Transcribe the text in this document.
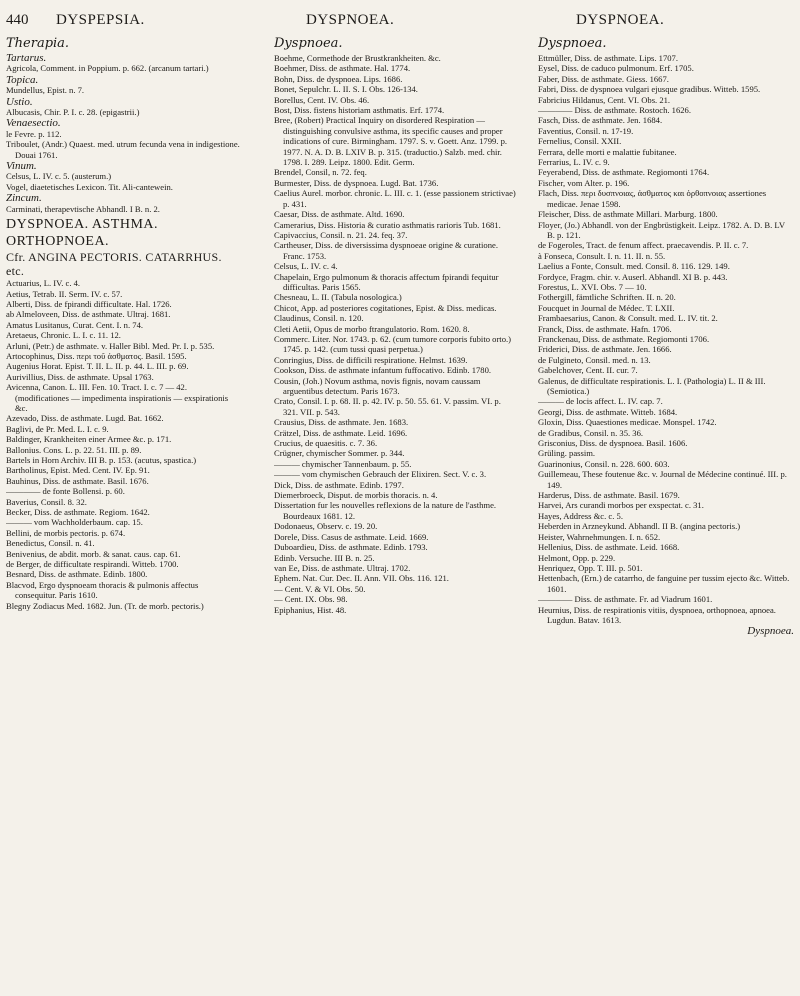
440 DYSPEPSIA.	DYSPNOEA.	DYSPNOEA.
Therapia.
Tartarus.
Agricola, Comment. in Poppium. p. 662. (arcanum tartari.)
Topica.
Mundellus, Epist. n. 7.
Ustio.
Albucasis, Chir. P. I. c. 28. (epigastrii.)
Venaesectio.
le Fevre. p. 112.
Triboulet, (Andr.) Quaest. med. utrum fecunda vena in indigestione. Douai 1761.
Vinum.
Celsus, L. IV. c. 5. (austerum.)
Vogel, diaetetisches Lexicon. Tit. Ali-cantewein.
Zincum.
Carminati, therapevtische Abhandl. I B. n. 2.
DYSPNOEA. ASTHMA. ORTHOPNOEA.
Cfr. ANGINA PECTORIS. CATARRHUS. etc.
Actuarius, L. IV. c. 4.
Aetius, Tetrab. II. Serm. IV. c. 57.
Alberti, Diss. de fpirandi difficultate. Hal. 1726.
ab Almeloveen, Diss. de asthmate. Ultraj. 1681.
Amatus Lusitanus, Curat. Cent. I. n. 74.
Aretaeus, Chronic. L. I. c. 11. 12.
Arluni, (Petr.) de asthmate. v. Haller Bibl. Med. Pr. I. p. 535.
Artocophinus, Diss. περι τοῦ ἀσθματος. Basil. 1595.
Augenius Horat. Epist. T. II. L. II. p. 44. L. III. p. 69.
Aurivillius, Diss. de asthmate. Upsal 1763.
Avicenna, Canon. L. III. Fen. 10. Tract. I. c. 7 — 42. (modificationes — impedimenta inspirationis — exspirationis &c.
Azevado, Diss. de asthmate. Lugd. Bat. 1662.
Baglivi, de Pr. Med. L. I. c. 9.
Baldinger, Krankheiten einer Armee &c. p. 171.
Ballonius. Cons. L. p. 22. 51. III. p. 89.
Bartels in Horn Archiv. III B. p. 153. (acutus, spastica.)
Bartholinus, Epist. Med. Cent. IV. Ep. 91.
Bauhinus, Diss. de asthmate. Basil. 1676.
———— de fonte Bollensi. p. 60.
Baverius, Consil. 8. 32.
Becker, Diss. de asthmate. Regiom. 1642.
——— vom Wachholderbaum. cap. 15.
Bellini, de morbis pectoris. p. 674.
Benedictus, Consil. n. 41.
Benivenius, de abdit. morb. & sanat. caus. cap. 61.
de Berger, de difficultate respirandi. Witteb. 1700.
Besnard, Diss. de asthmate. Edinb. 1800.
Blacvod, Ergo dyspnoeam thoracis & pulmonis affectus consequitur. Paris 1610.
Blegny Zodiacus Med. 1682. Jun. (Tr. de morb. pectoris.)
Dyspnoea.
Boehme, Cormethode der Brustkrankheiten. &c.
Boehmer, Diss. de asthmate. Hal. 1774.
Bohn, Diss. de dyspnoea. Lips. 1686.
Bonet, Sepulchr. L. II. S. I. Obs. 126-134.
Borellus, Cent. IV. Obs. 46.
Bost, Diss. fistens historiam asthmatis. Erf. 1774.
Bree, (Robert) Practical Inquiry on disordered Respiration — distinguishing convulsive asthma, its specific causes and proper indications of cure. Birmingham. 1797. S. v. Goett. Anz. 1799. p. 1977. N. A. D. B. LXIV B. p. 315. (traductio.) Salzb. med. chir. 1798. I. 289. Leipz. 1800. Edit. Germ.
Brendel, Consil, n. 72. feq.
Burmester, Diss. de dyspnoea. Lugd. Bat. 1736.
Caelius Aurel. morbor. chronic. L. III. c. 1. (esse passionem strictivae) p. 431.
Caesar, Diss. de asthmate. Altd. 1690.
Camerarius, Diss. Historia & curatio asthmatis rarioris Tub. 1681.
Capivaccius, Consil. n. 21. 24. feq. 37.
Cartheuser, Diss. de diversissima dyspnoeae origine & curatione. Franc. 1753.
Celsus, L. IV. c. 4.
Chapelain, Ergo pulmonum & thoracis affectum fpirandi fequitur difficultas. Paris 1565.
Chesneau, L. II. (Tabula nosologica.)
Chicot, App. ad posteriores cogitationes, Epist. & Diss. medicas.
Claudinus, Consil. n. 120.
Cleti Aetii, Opus de morbo ftrangulatorio. Rom. 1620. 8.
Commerc. Liter. Nor. 1743. p. 62. (cum tumore corporis fubito orto.) 1745. p. 142. (cum tussi quasi perpetua.)
Conringius, Diss. de difficili respiratione. Helmst. 1639.
Cookson, Diss. de asthmate infantum fuffocativo. Edinb. 1780.
Cousin, (Joh.) Novum asthma, novis fignis, novam caussam arguentibus detectum. Paris 1673.
Crato, Consil. I. p. 68. II. p. 42. IV. p. 50. 55. 61. V. passim. VI. p. 321. VII. p. 543.
Crausius, Diss. de asthmate. Jen. 1683.
Crätzel, Diss. de asthmate. Leid. 1696.
Crucius, de quaesitis. c. 7. 36.
Crügner, chymischer Sommer. p. 344.
——— chymischer Tannenbaum. p. 55.
——— vom chymischen Gebrauch der Elixiren. Sect. V. c. 3.
Dick, Diss. de asthmate. Edinb. 1797.
Diemerbroeck, Disput. de morbis thoracis. n. 4.
Dissertation fur les nouvelles reflexions de la nature de l'asthme. Bourdeaux 1681. 12.
Dodonaeus, Observ. c. 19. 20.
Dorele, Diss. Casus de asthmate. Leid. 1669.
Duboardieu, Diss. de asthmate. Edinb. 1793.
Edinb. Versuche. III B. n. 25.
van Ee, Diss. de asthmate. Ultraj. 1702.
Ephem. Nat. Cur. Dec. II. Ann. VII. Obs. 116. 121.
— Cent. V. & VI. Obs. 50.
— Cent. IX. Obs. 98.
Epiphanius, Hist. 48.
Dyspnoea.
Ettmüller, Diss. de asthmate. Lips. 1707.
Eysel, Diss. de caduco pulmonum. Erf. 1705.
Faber, Diss. de asthmate. Giess. 1667.
Fabri, Diss. de dyspnoea vulgari ejusque gradibus. Witteb. 1595.
Fabricius Hildanus, Cent. VI. Obs. 21.
———— Diss. de asthmate. Rostoch. 1626.
Fasch, Diss. de asthmate. Jen. 1684.
Faventius, Consil. n. 17-19.
Fernelius, Consil. XXII.
Ferrara, delle morti e malattie fubitanee.
Ferrarius, L. IV. c. 9.
Feyerabend, Diss. de asthmate. Regiomonti 1764.
Fischer, vom Alter. p. 196.
Flach, Diss. περι δυσπνοιας, ἀσθματος και ὀρθοπνοιας assertiones medicae. Jenae 1598.
Fleischer, Diss. de asthmate Millari. Marburg. 1800.
Floyer, (Jo.) Abhandl. von der Engbrüstigkeit. Leipz. 1782. A. D. B. LV B. p. 121.
de Fogeroles, Tract. de fenum affect. praecavendis. P. II. c. 7.
à Fonseca, Consult. I. n. 11. II. n. 55.
Laelius a Fonte, Consult. med. Consil. 8. 116. 129. 149.
Fordyce, Fragm. chir. v. Auserl. Abhandl. XI B. p. 443.
Forestus, L. XVI. Obs. 7 — 10.
Fothergill, fämtliche Schriften. II. n. 20.
Foucquet in Journal de Médec. T. LXII.
Frambaesarius, Canon. & Consult. med. L. IV. tit. 2.
Franck, Diss. de asthmate. Hafn. 1706.
Franckenau, Diss. de asthmate. Regiomonti 1706.
Friderici, Diss. de asthmate. Jen. 1666.
de Fulgineto, Consil. med. n. 13.
Gabelchover, Cent. II. cur. 7.
Galenus, de difficultate respirationis. L. I. (Pathologia) L. II & III. (Semiotica.)
——— de locis affect. L. IV. cap. 7.
Georgi, Diss. de asthmate. Witteb. 1684.
Gloxin, Diss. Quaestiones medicae. Monspel. 1742.
de Gradibus, Consil. n. 35. 36.
Grisconius, Diss. de dyspnoea. Basil. 1606.
Grüling. passim.
Guarinonius, Consil. n. 228. 600. 603.
Guillemeau, These foutenue &c. v. Journal de Médecine continué. III. p. 149.
Harderus, Diss. de asthmate. Basil. 1679.
Harvei, Ars curandi morbos per exspectat. c. 31.
Hayes, Address &c. c. 5.
Heberden in Arzneykund. Abhandl. II B. (angina pectoris.)
Heister, Wahrnehmungen. I. n. 652.
Hellenius, Diss. de asthmate. Leid. 1668.
Helmont, Opp. p. 229.
Henriquez, Opp. T. III. p. 501.
Hettenbach, (Ern.) de catarrho, de fanguine per tussim ejecto &c. Witteb. 1601.
———— Diss. de asthmate. Fr. ad Viadrum 1601.
Heurnius, Diss. de respirationis vitiis, dyspnoea, orthopnoea, apnoea. Lugdun. Batav. 1613.
Dyspnoea.
